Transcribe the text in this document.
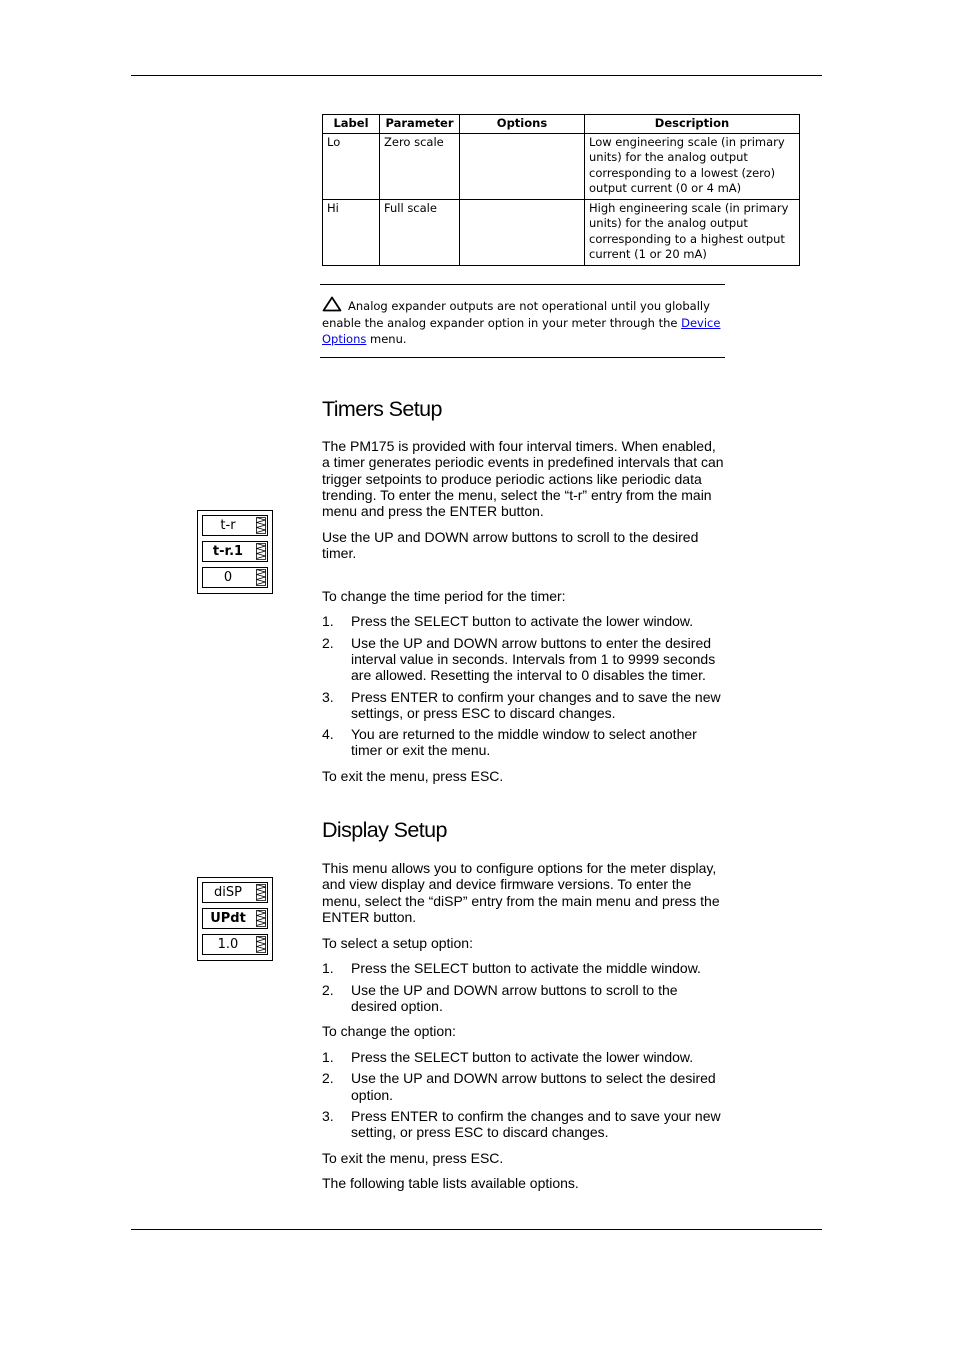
Label	Parameter	Options	Description
Lo	Zero scale		Low engineering scale (in primary units) for the analog output corresponding to a lowest (zero) output current (0 or 4 mA)
Hi	Full scale		High engineering scale (in primary units) for the analog output corresponding to a highest output current (1 or 20 mA)

Analog expander outputs are not operational until you globally enable the analog expander option in your meter through the Device Options menu.

Timers Setup
t-r
t-r.1
0

The PM175 is provided with four interval timers. When enabled, a timer generates periodic events in predefined intervals that can trigger setpoints to produce periodic actions like periodic data trending. To enter the menu, select the “t-r” entry from the main menu and press the ENTER button.

Use the UP and DOWN arrow buttons to scroll to the desired timer.

To change the time period for the timer:

1. Press the SELECT button to activate the lower window.
2. Use the UP and DOWN arrow buttons to enter the desired interval value in seconds. Intervals from 1 to 9999 seconds are allowed. Resetting the interval to 0 disables the timer.
3. Press ENTER to confirm your changes and to save the new settings, or press ESC to discard changes.
4. You are returned to the middle window to select another timer or exit the menu.

To exit the menu, press ESC.

Display Setup
diSP
UPdt
1.0

This menu allows you to configure options for the meter display, and view display and device firmware versions. To enter the menu, select the “diSP” entry from the main menu and press the ENTER button.

To select a setup option:

1. Press the SELECT button to activate the middle window.
2. Use the UP and DOWN arrow buttons to scroll to the desired option.

To change the option:

1. Press the SELECT button to activate the lower window.
2. Use the UP and DOWN arrow buttons to select the desired option.
3. Press ENTER to confirm the changes and to save your new setting, or press ESC to discard changes.

To exit the menu, press ESC.

The following table lists available options.
